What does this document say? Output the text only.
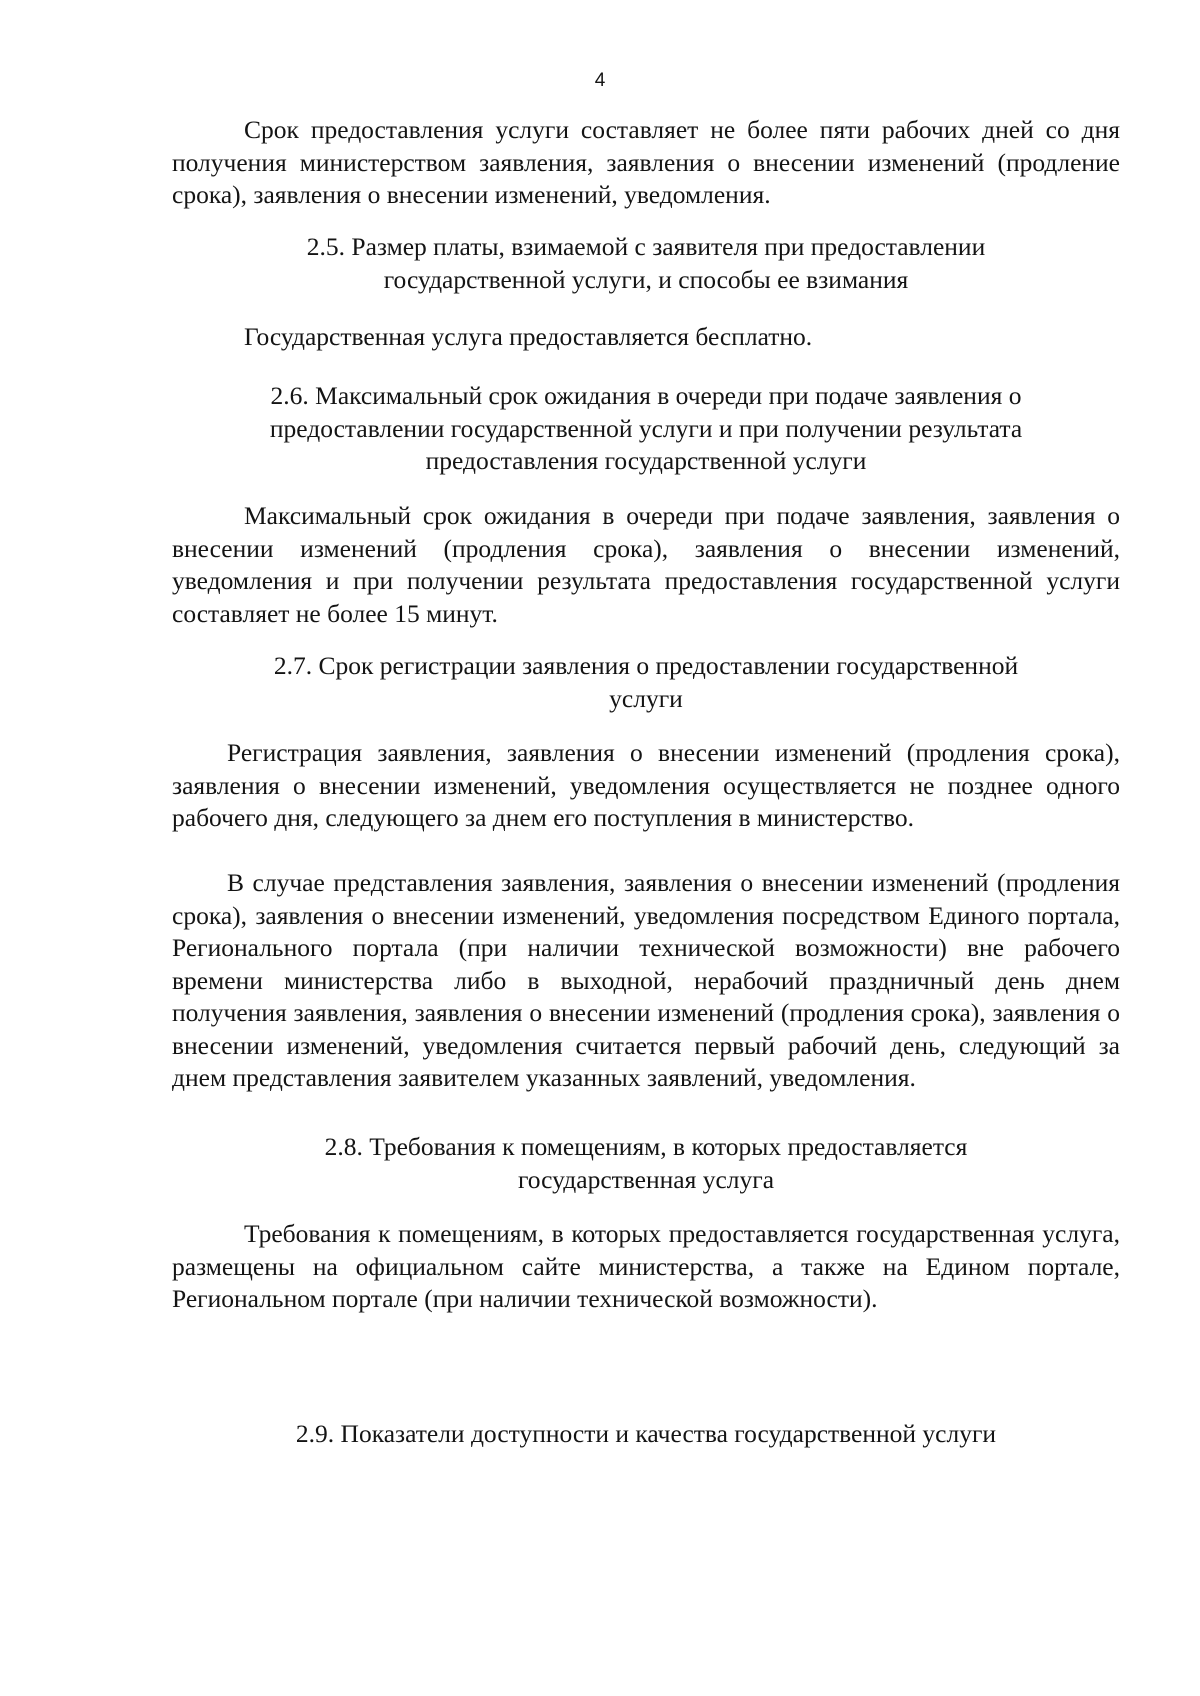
4

Срок предоставления услуги составляет не более пяти рабочих дней со дня получения министерством заявления, заявления о внесении изменений (продление срока), заявления о внесении изменений, уведомления.

2.5. Размер платы, взимаемой с заявителя при предоставлении
государственной услуги, и способы ее взимания

Государственная услуга предоставляется бесплатно.

2.6. Максимальный срок ожидания в очереди при подаче заявления о
предоставлении государственной услуги и при получении результата
предоставления государственной услуги

Максимальный срок ожидания в очереди при подаче заявления, заявления о внесении изменений (продления срока), заявления о внесении изменений, уведомления и при получении результата предоставления государственной услуги составляет не более 15 минут.

2.7. Срок регистрации заявления о предоставлении государственной
услуги

Регистрация заявления, заявления о внесении изменений (продления срока), заявления о внесении изменений, уведомления осуществляется не позднее одного рабочего дня, следующего за днем его поступления в министерство.

В случае представления заявления, заявления о внесении изменений (продления срока), заявления о внесении изменений, уведомления посредством Единого портала, Регионального портала (при наличии технической возможности) вне рабочего времени министерства либо в выходной, нерабочий праздничный день днем получения заявления, заявления о внесении изменений (продления срока), заявления о внесении изменений, уведомления считается первый рабочий день, следующий за днем представления заявителем указанных заявлений, уведомления.

2.8. Требования к помещениям, в которых предоставляется
государственная услуга

Требования к помещениям, в которых предоставляется государственная услуга, размещены на официальном сайте министерства, а также на Едином портале, Региональном портале (при наличии технической возможности).

2.9. Показатели доступности и качества государственной услуги
